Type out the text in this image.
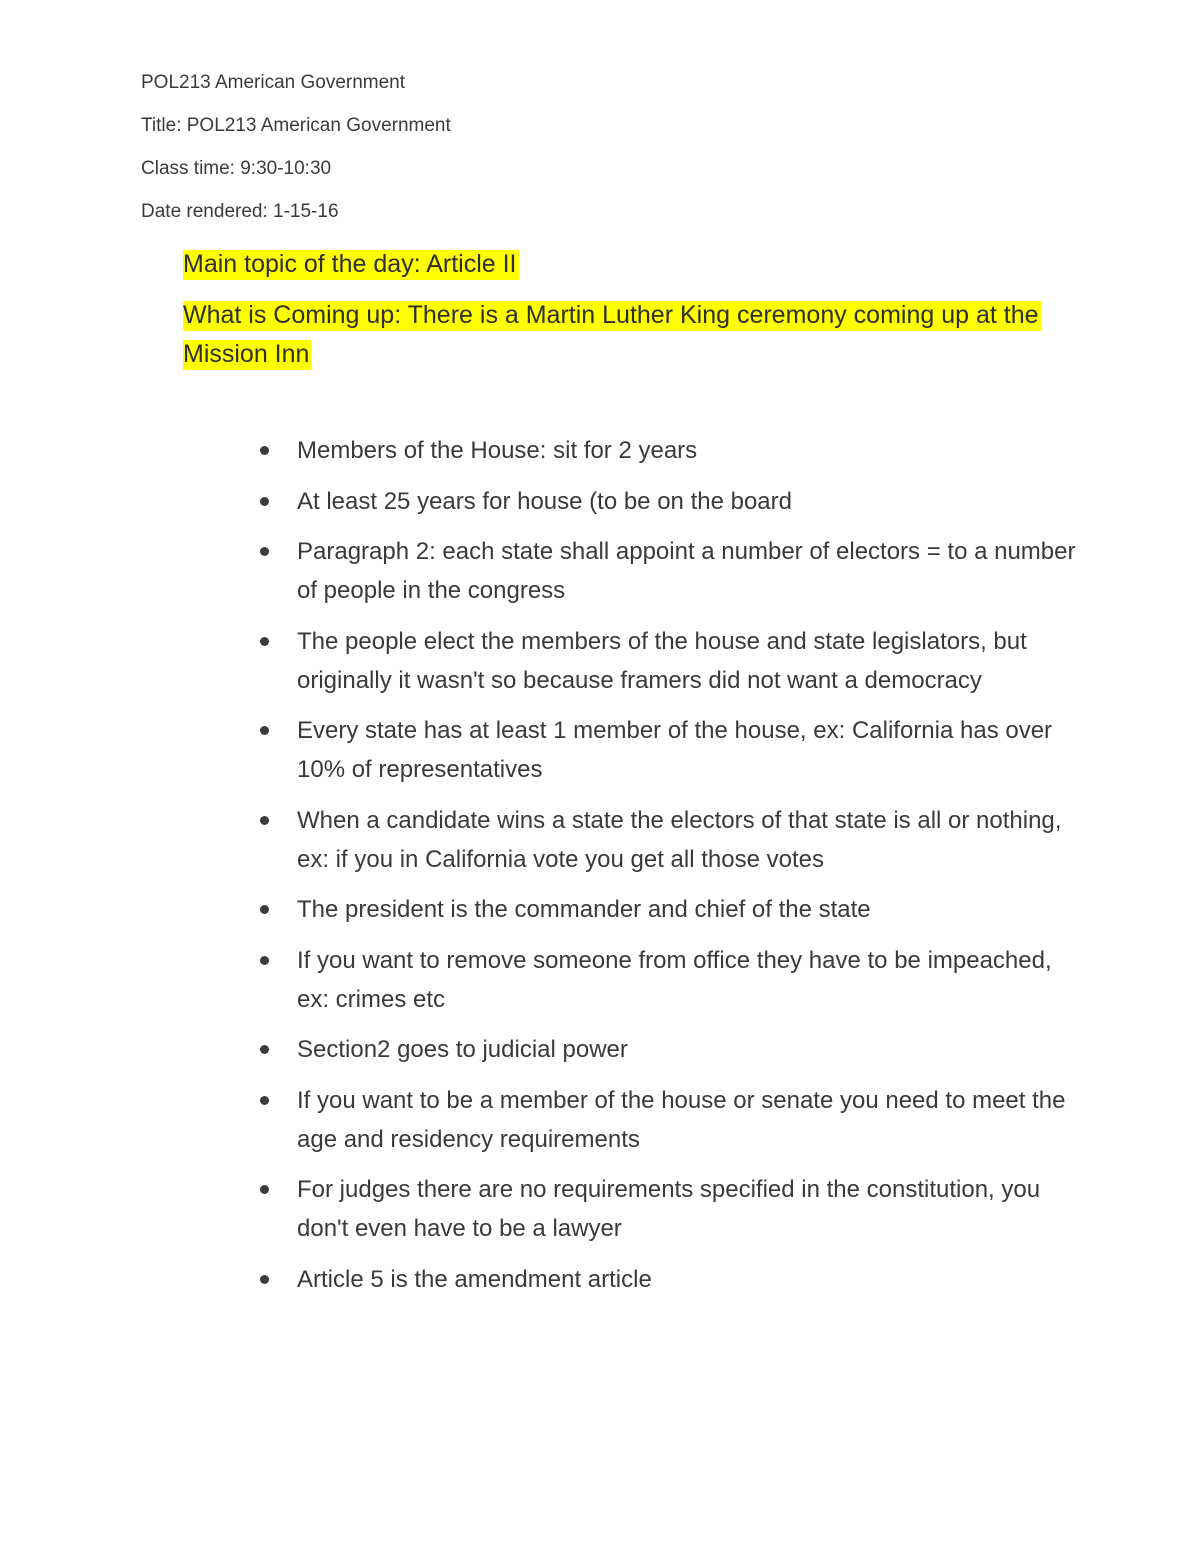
POL213 American Government

Title: POL213 American Government

Class time: 9:30-10:30

Date rendered: 1-15-16

Main topic of the day: Article II

What is Coming up: There is a Martin Luther King ceremony coming up at the Mission Inn

Members of the House: sit for 2 years
At least 25 years for house (to be on the board
Paragraph 2: each state shall appoint a number of electors = to a number of people in the congress
The people elect the members of the house and state legislators, but originally it wasn't so because framers did not want a democracy
Every state has at least 1 member of the house, ex: California has over 10% of representatives
When a candidate wins a state the electors of that state is all or nothing, ex: if you in California vote you get all those votes
The president is the commander and chief of the state
If you want to remove someone from office they have to be impeached, ex: crimes etc
Section2 goes to judicial power
If you want to be a member of the house or senate you need to meet the age and residency requirements
For judges there are no requirements specified in the constitution, you don't even have to be a lawyer
Article 5 is the amendment article
